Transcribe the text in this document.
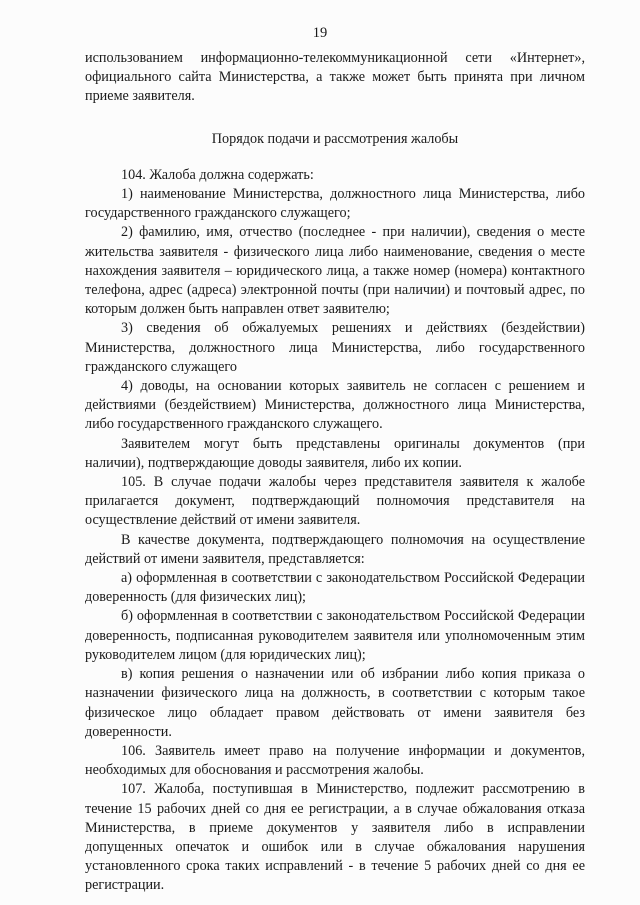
19

использованием информационно-телекоммуникационной сети «Интернет», официального сайта Министерства, а также может быть принята при личном приеме заявителя.

Порядок подачи и рассмотрения жалобы

104. Жалоба должна содержать:

1) наименование Министерства, должностного лица Министерства, либо государственного гражданского служащего;

2) фамилию, имя, отчество (последнее - при наличии), сведения о месте жительства заявителя - физического лица либо наименование, сведения о месте нахождения заявителя – юридического лица, а также номер (номера) контактного телефона, адрес (адреса) электронной почты (при наличии) и почтовый адрес, по которым должен быть направлен ответ заявителю;

3) сведения об обжалуемых решениях и действиях (бездействии) Министерства, должностного лица Министерства, либо государственного гражданского служащего

4) доводы, на основании которых заявитель не согласен с решением и действиями (бездействием) Министерства, должностного лица Министерства, либо государственного гражданского служащего.

Заявителем могут быть представлены оригиналы документов (при наличии), подтверждающие доводы заявителя, либо их копии.

105. В случае подачи жалобы через представителя заявителя к жалобе прилагается документ, подтверждающий полномочия представителя на осуществление действий от имени заявителя.

В качестве документа, подтверждающего полномочия на осуществление действий от имени заявителя, представляется:

а) оформленная в соответствии с законодательством Российской Федерации доверенность (для физических лиц);

б) оформленная в соответствии с законодательством Российской Федерации доверенность, подписанная руководителем заявителя или уполномоченным этим руководителем лицом (для юридических лиц);

в) копия решения о назначении или об избрании либо копия приказа о назначении физического лица на должность, в соответствии с которым такое физическое лицо обладает правом действовать от имени заявителя без доверенности.

106. Заявитель имеет право на получение информации и документов, необходимых для обоснования и рассмотрения жалобы.

107. Жалоба, поступившая в Министерство, подлежит рассмотрению в течение 15 рабочих дней со дня ее регистрации, а в случае обжалования отказа Министерства, в приеме документов у заявителя либо в исправлении допущенных опечаток и ошибок или в случае обжалования нарушения установленного срока таких исправлений - в течение 5 рабочих дней со дня ее регистрации.
